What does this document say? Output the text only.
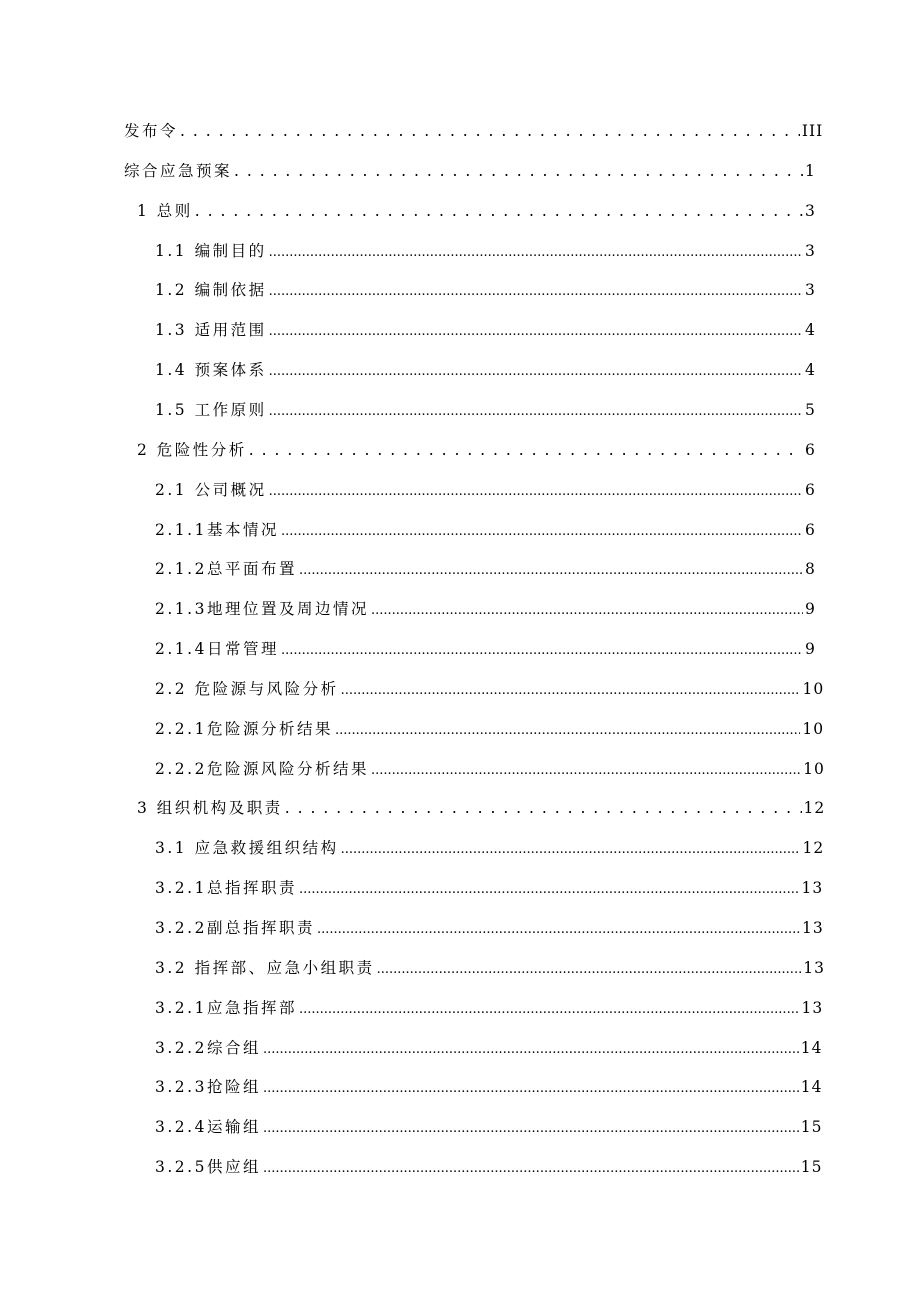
发布令 . . .	III
综合应急预案 . . .	1
1 总则 . . .	3
1.1 编制目的 .....	3
1.2 编制依据 .....	3
1.3 适用范围 .....	4
1.4 预案体系 .....	4
1.5 工作原则 .....	5
2 危险性分析 . . .	6
2.1 公司概况 .....	6
2.1.1基本情况 .....	6
2.1.2总平面布置 .....	8
2.1.3地理位置及周边情况 .....	9
2.1.4日常管理 .....	9
2.2 危险源与风险分析 .....	10
2.2.1危险源分析结果 .....	10
2.2.2危险源风险分析结果 .....	10
3 组织机构及职责 . . .	12
3.1 应急救援组织结构 .....	12
3.2.1总指挥职责 .....	13
3.2.2副总指挥职责 .....	13
3.2 指挥部、应急小组职责 .....	13
3.2.1应急指挥部 .....	13
3.2.2综合组 .....	14
3.2.3抢险组 .....	14
3.2.4运输组 .....	15
3.2.5供应组 .....	15
